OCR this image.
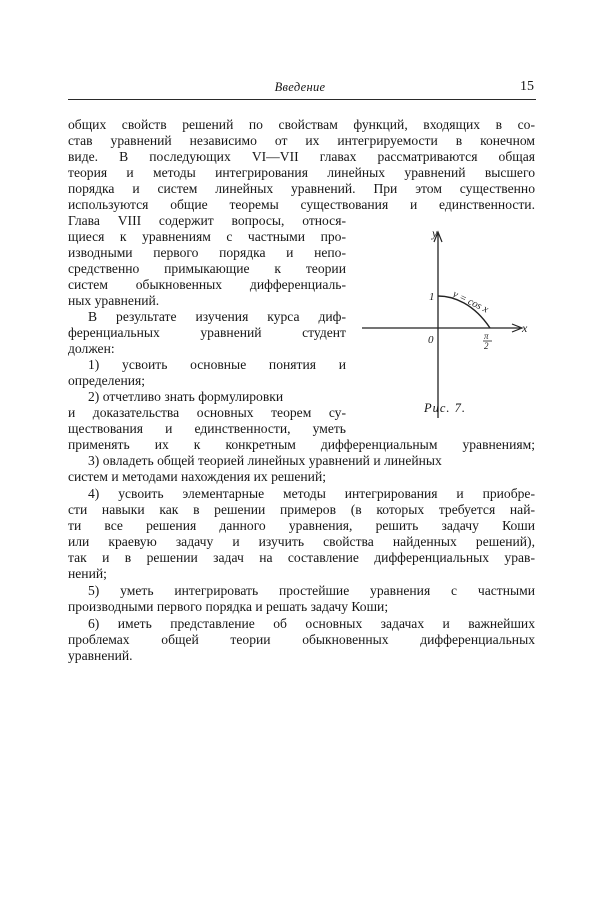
Введение	15
общих свойств решений по свойствам функций, входящих в со-
став уравнений независимо от их интегрируемости в конечном
виде. В последующих VI—VII главах рассматриваются общая
теория и методы интегрирования линейных уравнений высшего
порядка и систем линейных уравнений. При этом существенно
используются общие теоремы существования и единственности.
Глава VIII содержит вопросы, относя-
щиеся к уравнениям с частными про-
изводными первого порядка и непо-
средственно примыкающие к теории
систем обыкновенных дифференциаль-
ных уравнений.
В результате изучения курса диф-
ференциальных уравнений студент
должен:
1) усвоить основные понятия и
определения;
2) отчетливо знать формулировки
и доказательства основных теорем су-
ществования и единственности, уметь
применять их к конкретным дифференциальным уравнениям;
3) овладеть общей теорией линейных уравнений и линейных
систем и методами нахождения их решений;
4) усвоить элементарные методы интегрирования и приобре-
сти навыки как в решении примеров (в которых требуется най-
ти все решения данного уравнения, решить задачу Коши
или краевую задачу и изучить свойства найденных решений),
так и в решении задач на составление дифференциальных урав-
нений;
5) уметь интегрировать простейшие уравнения с частными
производными первого порядка и решать задачу Коши;
6) иметь представление об основных задачах и важнейших
проблемах общей теории обыкновенных дифференциальных
уравнений.
y
x
0
1 y = cos x
π
2
Рис. 7.
